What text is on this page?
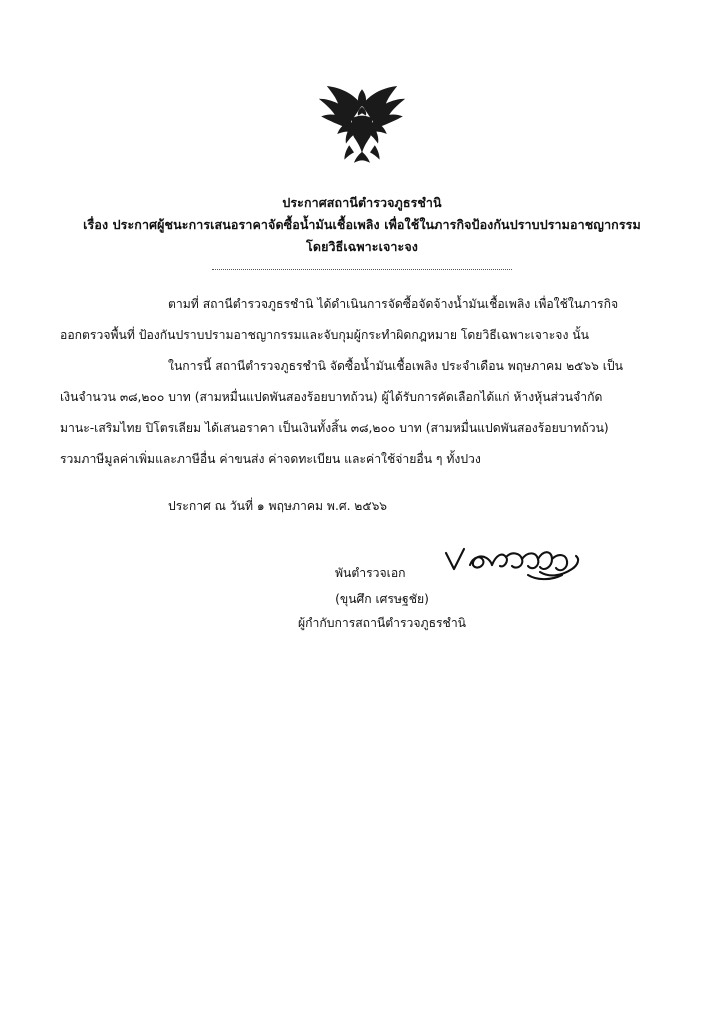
ประกาศสถานีตำรวจภูธรชำนิ
เรื่อง ประกาศผู้ชนะการเสนอราคาจัดซื้อน้ำมันเชื้อเพลิง เพื่อใช้ในภารกิจป้องกันปราบปรามอาชญากรรม
โดยวิธีเฉพาะเจาะจง
ตามที่ สถานีตำรวจภูธรชำนิ ได้ดำเนินการจัดซื้อจัดจ้างน้ำมันเชื้อเพลิง เพื่อใช้ในภารกิจ
ออกตรวจพื้นที่ ป้องกันปราบปรามอาชญากรรมและจับกุมผู้กระทำผิดกฎหมาย โดยวิธีเฉพาะเจาะจง นั้น
ในการนี้ สถานีตำรวจภูธรชำนิ จัดซื้อน้ำมันเชื้อเพลิง ประจำเดือน พฤษภาคม ๒๕๖๖ เป็น
เงินจำนวน ๓๘,๒๐๐ บาท (สามหมื่นแปดพันสองร้อยบาทถ้วน) ผู้ได้รับการคัดเลือกได้แก่ ห้างหุ้นส่วนจำกัด
มานะ-เสริมไทย ปิโตรเลียม ได้เสนอราคา เป็นเงินทั้งสิ้น ๓๘,๒๐๐ บาท (สามหมื่นแปดพันสองร้อยบาทถ้วน)
รวมภาษีมูลค่าเพิ่มและภาษีอื่น ค่าขนส่ง ค่าจดทะเบียน และค่าใช้จ่ายอื่น ๆ ทั้งปวง
ประกาศ ณ วันที่ ๑ พฤษภาคม พ.ศ. ๒๕๖๖
พันตำรวจเอก
(ขุนศึก เศรษฐชัย)
ผู้กำกับการสถานีตำรวจภูธรชำนิ
